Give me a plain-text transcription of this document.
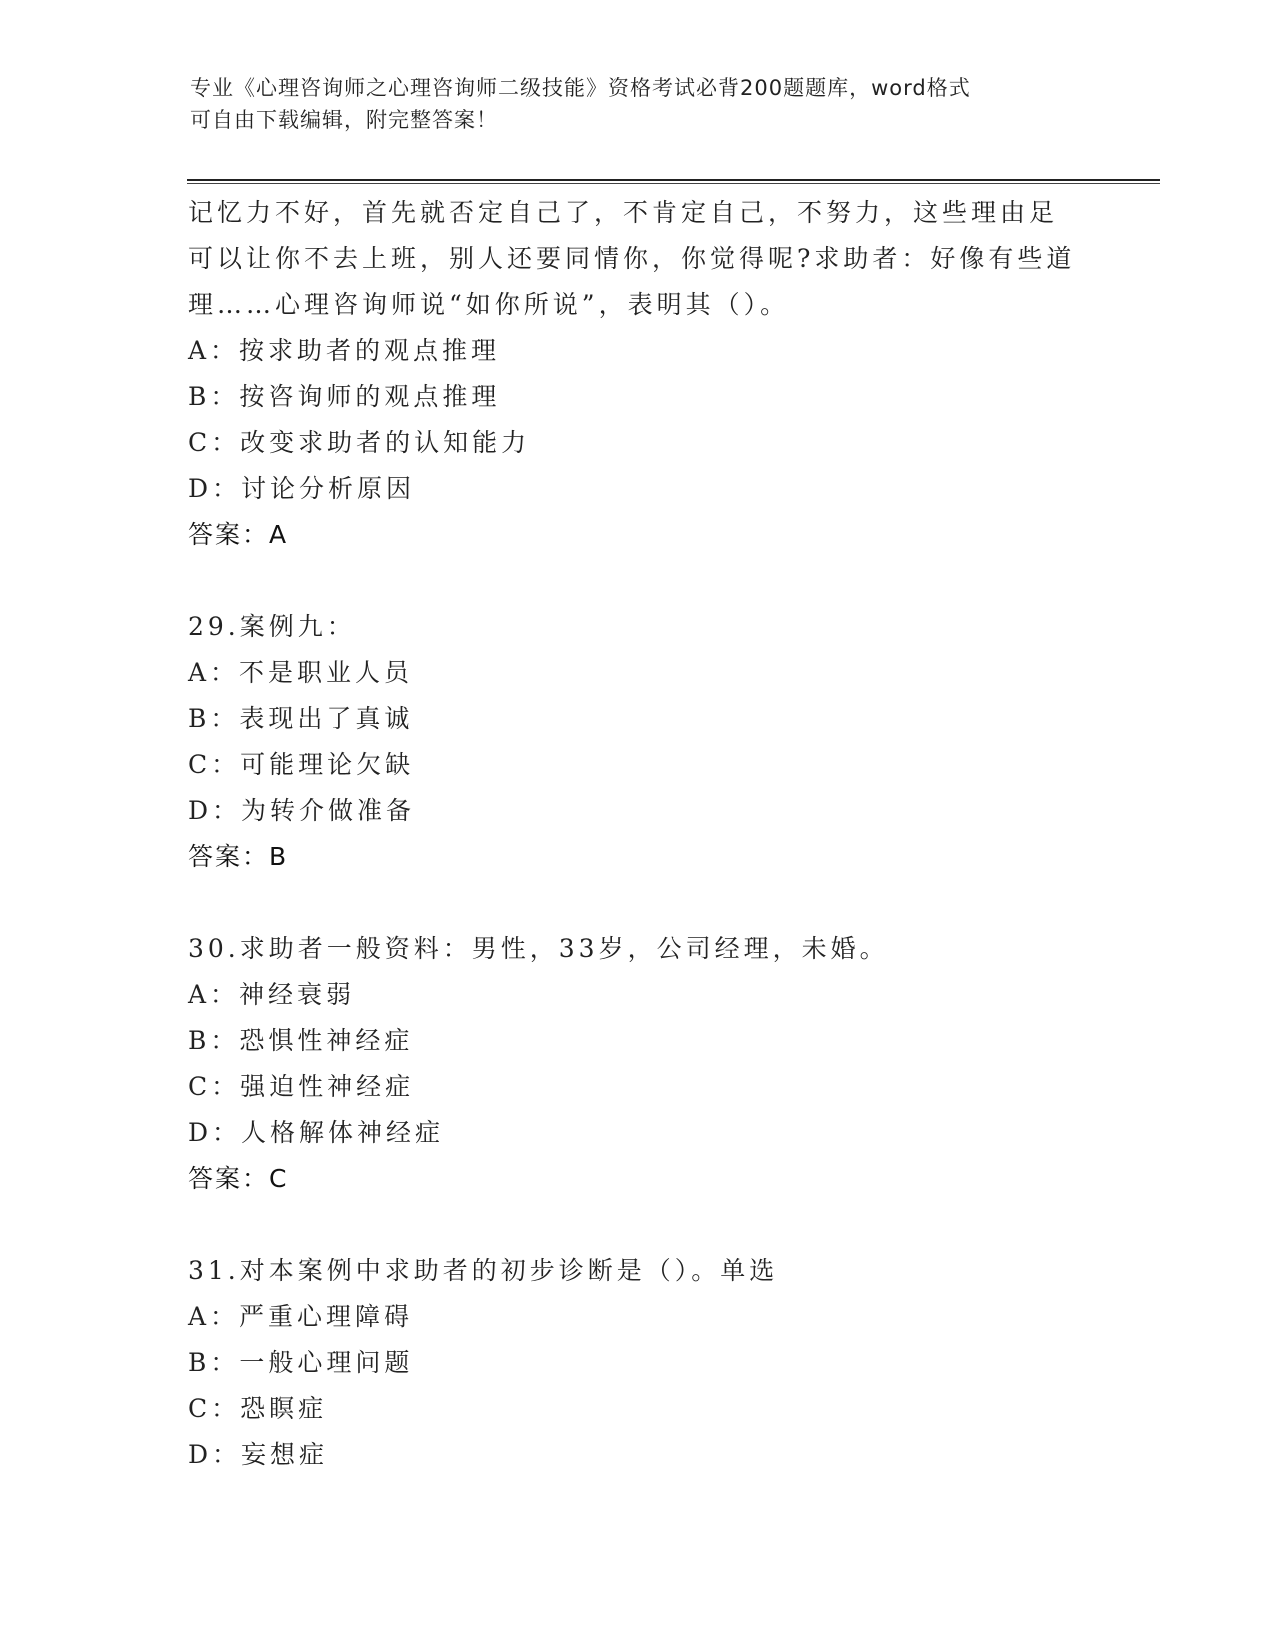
专业《心理咨询师之心理咨询师二级技能》资格考试必背200题题库，word格式
可自由下载编辑，附完整答案！
记忆力不好，首先就否定自己了，不肯定自己，不努力，这些理由足
可以让你不去上班，别人还要同情你，你觉得呢?求助者：好像有些道
理……心理咨询师说“如你所说”，表明其（）。
A：按求助者的观点推理
B：按咨询师的观点推理
C：改变求助者的认知能力
D：讨论分析原因
答案：A
29.案例九：
A：不是职业人员
B：表现出了真诚
C：可能理论欠缺
D：为转介做准备
答案：B
30.求助者一般资料：男性，33岁，公司经理，未婚。
A：神经衰弱
B：恐惧性神经症
C：强迫性神经症
D：人格解体神经症
答案：C
31.对本案例中求助者的初步诊断是（）。单选
A：严重心理障碍
B：一般心理问题
C：恐瞑症
D：妄想症
